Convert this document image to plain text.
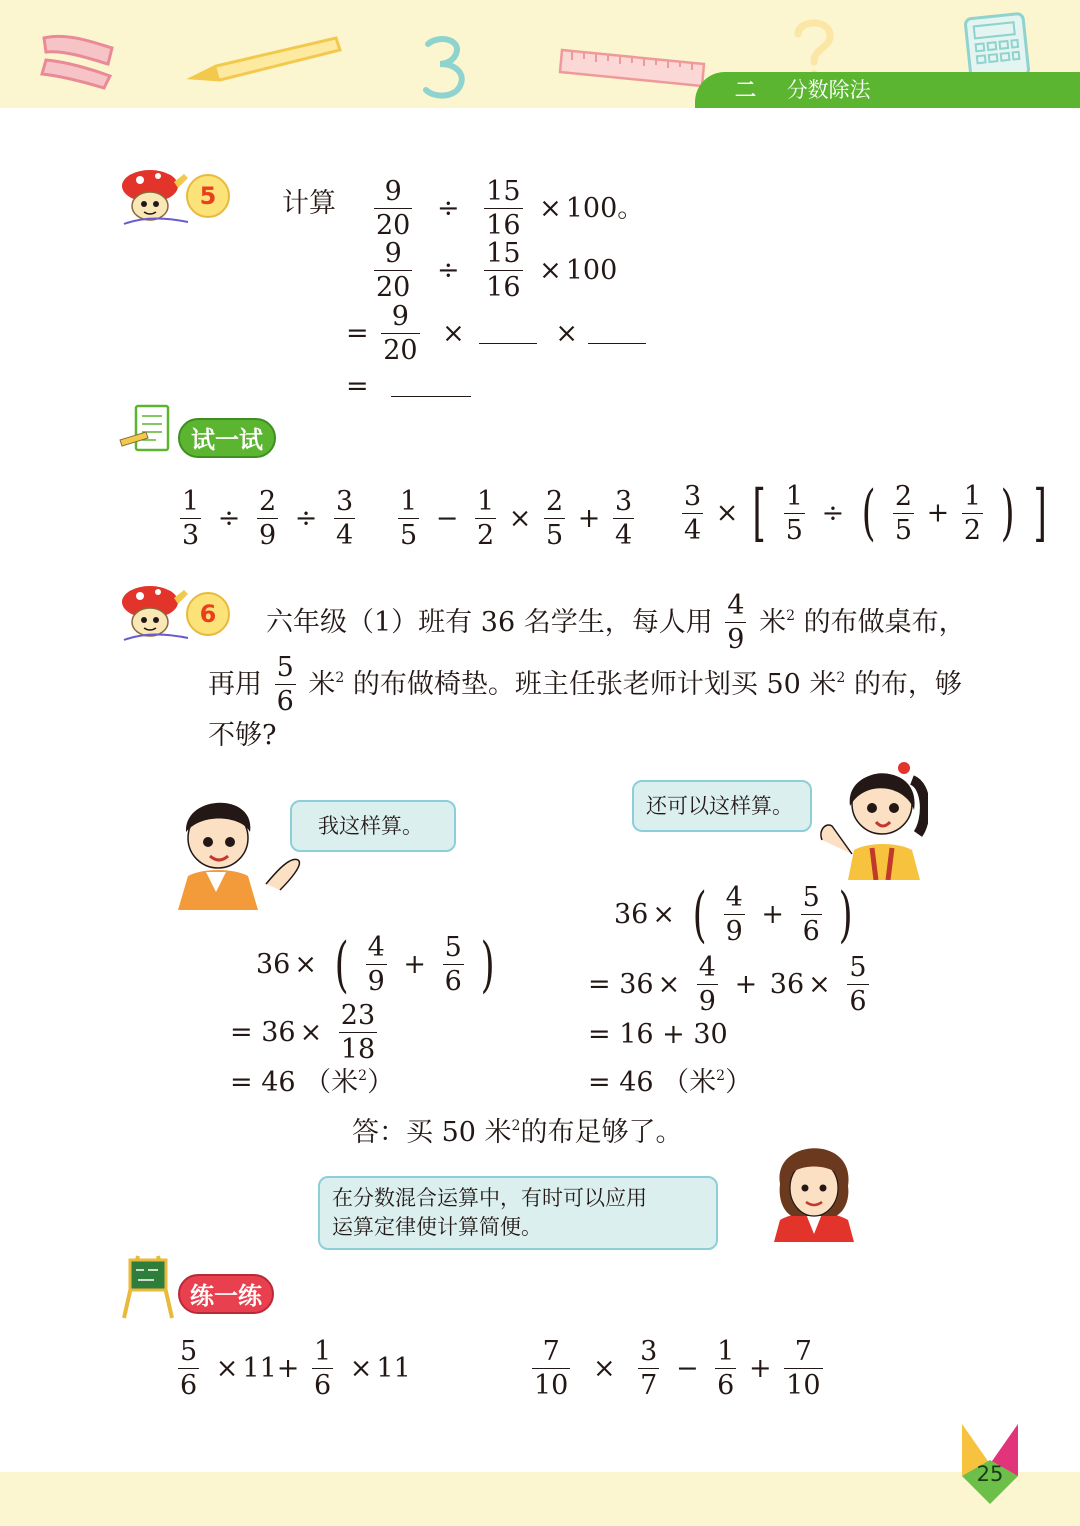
二 分数除法
5	计算 $\frac{9}{20} \div \frac{15}{16} \times 100$。
$\frac{9}{20} \div \frac{15}{16} \times 100$
= $\frac{9}{20}$ ×	×
=
试一试
$\frac{1}{3} \div \frac{2}{9} \div \frac{3}{4} \frac{1}{5} - \frac{1}{2} \times \frac{2}{5} + \frac{3}{4} \frac{3}{4}$ × [ $\frac{1}{5}$ ÷ ( $\frac{2}{5} + \frac{1}{2}$ ) ]
6	六年级（1）班有 36 名学生，每人用 $\frac{4}{9}$ 米$^2$ 的布做桌布，
再用 $\frac{5}{6}$ 米$^2$ 的布做椅垫。班主任张老师计划买 50 米$^2$ 的布，够
不够?
我这样算。
还可以这样算。
36 × ( $\frac{4}{9} + \frac{5}{6}$ )
= $36 \times \frac{23}{18}$
= 46 （米$^2$）
36 × ( $\frac{4}{9} + \frac{5}{6}$ )
= $36 \times \frac{4}{9} + 36 \times \frac{5}{6}$
= 16 + 30
= 46 （米$^2$）
答：买 50 米$^2$的布足够了。
在分数混合运算中，有时可以应用
运算定律使计算简便。
练一练
$\frac{5}{6} \times 11+ \frac{1}{6} \times 11$	$\frac{7}{10} \times \frac{3}{7} - \frac{1}{6} + \frac{7}{10}$
25
